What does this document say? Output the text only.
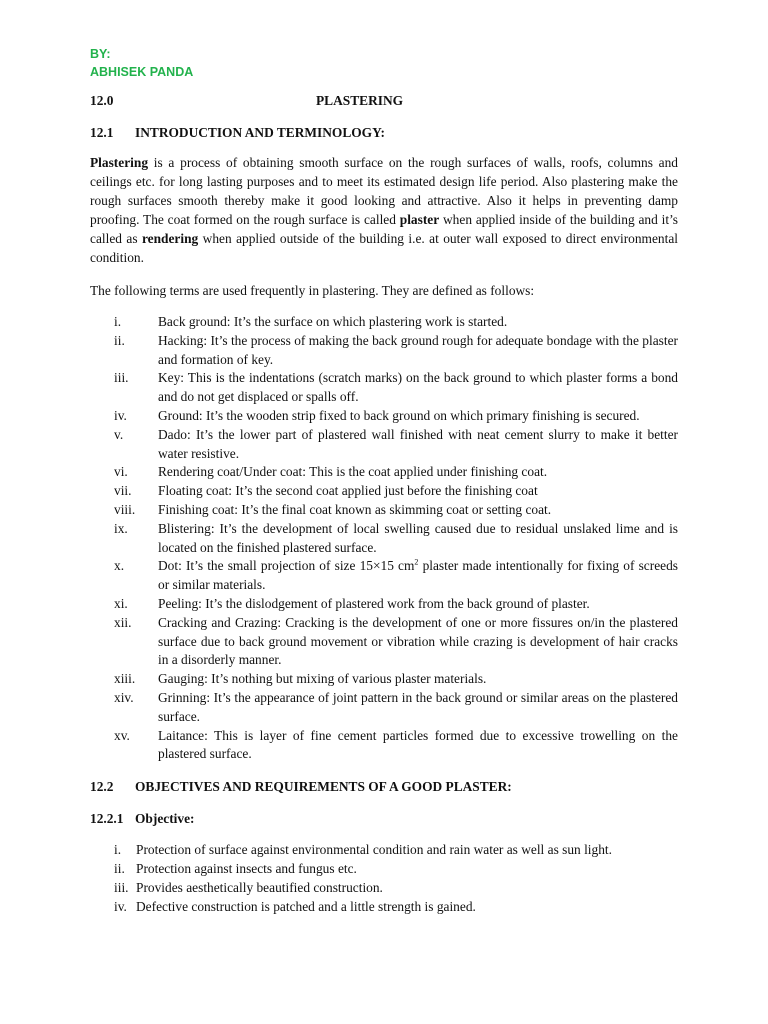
BY:
ABHISEK PANDA
12.0	PLASTERING
12.1 INTRODUCTION AND TERMINOLOGY:
Plastering is a process of obtaining smooth surface on the rough surfaces of walls, roofs, columns and ceilings etc. for long lasting purposes and to meet its estimated design life period. Also plastering make the rough surfaces smooth thereby make it good looking and attractive. Also it helps in preventing damp proofing. The coat formed on the rough surface is called plaster when applied inside of the building and it’s called as rendering when applied outside of the building i.e. at outer wall exposed to direct environmental condition.
The following terms are used frequently in plastering. They are defined as follows:
i.	Back ground: It’s the surface on which plastering work is started.
ii. Hacking: It’s the process of making the back ground rough for adequate bondage with the plaster and formation of key.
iii. Key: This is the indentations (scratch marks) on the back ground to which plaster forms a bond and do not get displaced or spalls off.
iv. Ground: It’s the wooden strip fixed to back ground on which primary finishing is secured.
v.	Dado: It’s the lower part of plastered wall finished with neat cement slurry to make it better water resistive.
vi. Rendering coat/Under coat: This is the coat applied under finishing coat.
vii. Floating coat: It’s the second coat applied just before the finishing coat
viii. Finishing coat: It’s the final coat known as skimming coat or setting coat.
ix. Blistering: It’s the development of local swelling caused due to residual unslaked lime and is located on the finished plastered surface.
x.	Dot: It’s the small projection of size 15×15 $cm^2$ plaster made intentionally for fixing of screeds or similar materials.
xi. Peeling: It’s the dislodgement of plastered work from the back ground of plaster.
xii. Cracking and Crazing: Cracking is the development of one or more fissures on/in the plastered surface due to back ground movement or vibration while crazing is development of hair cracks in a disorderly manner.
xiii. Gauging: It’s nothing but mixing of various plaster materials.
xiv. Grinning: It’s the appearance of joint pattern in the back ground or similar areas on the plastered surface.
xv. Laitance: This is layer of fine cement particles formed due to excessive trowelling on the plastered surface.
12.2 OBJECTIVES AND REQUIREMENTS OF A GOOD PLASTER:
12.2.1 Objective:
i. Protection of surface against environmental condition and rain water as well as sun light.
ii. Protection against insects and fungus etc.
iii. Provides aesthetically beautified construction.
iv. Defective construction is patched and a little strength is gained.
